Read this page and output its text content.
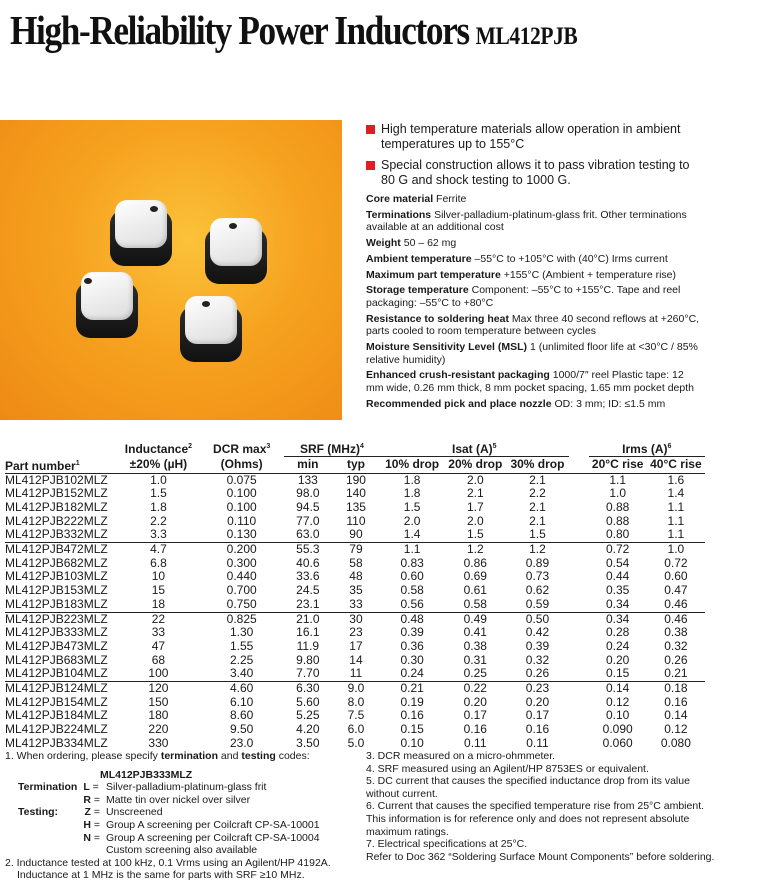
High-Reliability Power Inductors ML412PJB
High temperature materials allow operation in ambient temperatures up to 155°C
Special construction allows it to pass vibration testing to 80 G and shock testing to 1000 G.
Core material Ferrite
Terminations Silver-palladium-platinum-glass frit. Other terminations available at an additional cost
Weight 50 – 62 mg
Ambient temperature –55°C to +105°C with (40°C) Irms current
Maximum part temperature +155°C (Ambient + temperature rise)
Storage temperature Component: –55°C to +155°C. Tape and reel packaging: –55°C to +80°C
Resistance to soldering heat Max three 40 second reflows at +260°C, parts cooled to room temperature between cycles
Moisture Sensitivity Level (MSL) 1 (unlimited floor life at <30°C / 85% relative humidity)
Enhanced crush-resistant packaging 1000/7″ reel Plastic tape: 12 mm wide, 0.26 mm thick, 8 mm pocket spacing, 1.65 mm pocket depth
Recommended pick and place nozzle OD: 3 mm; ID: ≤1.5 mm
	Inductance$^2$	DCR $\max^3$	SRF (MHz)$^4$		Isat $(A)^5$				Irms $(A)^6$
Part number$^1$	±20% (µH)	(Ohms)	min	typ	10% drop	20% drop	30% drop		20°C rise	40°C rise
ML412PJB102MLZ	1.0	0.075	133	190	1.8	2.0	2.1		1.1	1.6
ML412PJB152MLZ	1.5	0.100	98.0	140	1.8	2.1	2.2		1.0	1.4
ML412PJB182MLZ	1.8	0.100	94.5	135	1.5	1.7	2.1		0.88	1.1
ML412PJB222MLZ	2.2	0.110	77.0	110	2.0	2.0	2.1		0.88	1.1
ML412PJB332MLZ	3.3	0.130	63.0	90	1.4	1.5	1.5		0.80	1.1
ML412PJB472MLZ	4.7	0.200	55.3	79	1.1	1.2	1.2		0.72	1.0
ML412PJB682MLZ	6.8	0.300	40.6	58	0.83	0.86	0.89		0.54	0.72
ML412PJB103MLZ	10	0.440	33.6	48	0.60	0.69	0.73		0.44	0.60
ML412PJB153MLZ	15	0.700	24.5	35	0.58	0.61	0.62		0.35	0.47
ML412PJB183MLZ	18	0.750	23.1	33	0.56	0.58	0.59		0.34	0.46
ML412PJB223MLZ	22	0.825	21.0	30	0.48	0.49	0.50		0.34	0.46
ML412PJB333MLZ	33	1.30	16.1	23	0.39	0.41	0.42		0.28	0.38
ML412PJB473MLZ	47	1.55	11.9	17	0.36	0.38	0.39		0.24	0.32
ML412PJB683MLZ	68	2.25	9.80	14	0.30	0.31	0.32		0.20	0.26
ML412PJB104MLZ	100	3.40	7.70	11	0.24	0.25	0.26		0.15	0.21
ML412PJB124MLZ	120	4.60	6.30	9.0	0.21	0.22	0.23		0.14	0.18
ML412PJB154MLZ	150	6.10	5.60	8.0	0.19	0.20	0.20		0.12	0.16
ML412PJB184MLZ	180	8.60	5.25	7.5	0.16	0.17	0.17		0.10	0.14
ML412PJB224MLZ	220	9.50	4.20	6.0	0.15	0.16	0.16		0.090	0.12
ML412PJB334MLZ	330	23.0	3.50	5.0	0.10	0.11	0.11		0.060	0.080
1. When ordering, please specify termination and testing codes:
ML412PJB333MLZ
Termination	L =	Silver-palladium-platinum-glass frit
	R =	Matte tin over nickel over silver
Testing:	Z =	Unscreened
	H =	Group A screening per Coilcraft CP-SA-10001
	N =	Group A screening per Coilcraft CP-SA-10004
		Custom screening also available
2. Inductance tested at 100 kHz, 0.1 Vrms using an Agilent/HP 4192A.
Inductance at 1 MHz is the same for parts with SRF ≥10 MHz.
3. DCR measured on a micro-ohmmeter.
4. SRF measured using an Agilent/HP 8753ES or equivalent.
5. DC current that causes the specified inductance drop from its value without current.
6. Current that causes the specified temperature rise from 25°C ambient. This information is for reference only and does not represent absolute maximum ratings.
7. Electrical specifications at 25°C.
Refer to Doc 362 “Soldering Surface Mount Components” before soldering.
